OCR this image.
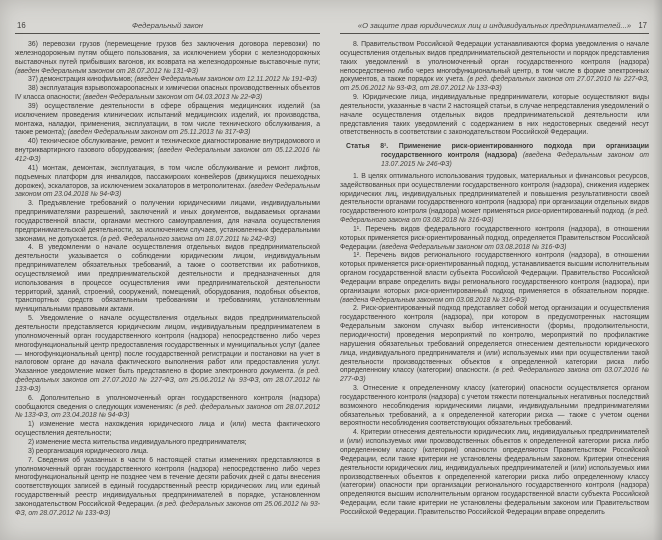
16	Федеральный закон
36) перевозки грузов (перемещение грузов без заключения договора перевозки) по железнодорожным путям общего пользования, за исключением уборки с железнодорожных выставочных путей прибывших вагонов, их возврата на железнодорожные выставочные пути; (введен Федеральным законом от 28.07.2012 № 131-ФЗ)
37) демонстрация кинофильмов; (введен Федеральным законом от 12.11.2012 № 191-ФЗ)
38) эксплуатация взрывопожароопасных и химически опасных производственных объектов IV класса опасности; (введен Федеральным законом от 04.03.2013 № 22-ФЗ)
39) осуществление деятельности в сфере обращения медицинских изделий (за исключением проведения клинических испытаний медицинских изделий, их производства, монтажа, наладки, применения, эксплуатации, в том числе технического обслуживания, а также ремонта); (введен Федеральным законом от 25.11.2013 № 317-ФЗ)
40) техническое обслуживание, ремонт и техническое диагностирование внутридомового и внутриквартирного газового оборудования; (введен Федеральным законом от 05.12.2016 № 412-ФЗ)
41) монтаж, демонтаж, эксплуатация, в том числе обслуживание и ремонт лифтов, подъемных платформ для инвалидов, пассажирских конвейеров (движущихся пешеходных дорожек), эскалаторов, за исключением эскалаторов в метрополитенах. (введен Федеральным законом от 23.04.2018 № 94-ФЗ)
3. Предъявление требований о получении юридическими лицами, индивидуальными предпринимателями разрешений, заключений и иных документов, выдаваемых органами государственной власти, органами местного самоуправления, для начала осуществления предпринимательской деятельности, за исключением случаев, установленных федеральными законами, не допускается. (в ред. Федерального закона от 18.07.2011 № 242-ФЗ)
4. В уведомлении о начале осуществления отдельных видов предпринимательской деятельности указывается о соблюдении юридическим лицом, индивидуальным предпринимателем обязательных требований, а также о соответствии их работников, осуществляемой ими предпринимательской деятельности и предназначенных для использования в процессе осуществления ими предпринимательской деятельности территорий, зданий, строений, сооружений, помещений, оборудования, подобных объектов, транспортных средств обязательным требованиям и требованиям, установленным муниципальными правовыми актами.
5. Уведомление о начале осуществления отдельных видов предпринимательской деятельности представляется юридическим лицом, индивидуальным предпринимателем в уполномоченный орган государственного контроля (надзора) непосредственно либо через многофункциональный центр предоставления государственных и муниципальных услуг (далее — многофункциональный центр) после государственной регистрации и постановки на учет в налоговом органе до начала фактического выполнения работ или предоставления услуг. Указанное уведомление может быть представлено в форме электронного документа. (в ред. федеральных законов от 27.07.2010 № 227-ФЗ, от 25.06.2012 № 93-ФЗ, от 28.07.2012 № 133-ФЗ)
6. Дополнительно в уполномоченный орган государственного контроля (надзора) сообщаются сведения о следующих изменениях: (в ред. федеральных законов от 28.07.2012 № 133-ФЗ, от 23.04.2018 № 94-ФЗ)
1) изменение места нахождения юридического лица и (или) места фактического осуществления деятельности;
2) изменение места жительства индивидуального предпринимателя;
3) реорганизация юридического лица.
7. Сведения об указанных в части 6 настоящей статьи изменениях представляются в уполномоченный орган государственного контроля (надзора) непосредственно либо через многофункциональный центр не позднее чем в течение десяти рабочих дней с даты внесения соответствующих записей в единый государственный реестр юридических лиц или единый государственный реестр индивидуальных предпринимателей в порядке, установленном законодательством Российской Федерации. (в ред. федеральных законов от 25.06.2012 № 93-ФЗ, от 28.07.2012 № 133-ФЗ)
«О защите прав юридических лиц и индивидуальных предпринимателей...» 17
8. Правительством Российской Федерации устанавливаются форма уведомления о начале осуществления отдельных видов предпринимательской деятельности и порядок представления таких уведомлений в уполномоченный орган государственного контроля (надзора) непосредственно либо через многофункциональный центр, в том числе в форме электронных документов, а также порядок их учета. (в ред. федеральных законов от 27.07.2010 № 227-ФЗ, от 25.06.2012 № 93-ФЗ, от 28.07.2012 № 133-ФЗ)
9. Юридические лица, индивидуальные предприниматели, которые осуществляют виды деятельности, указанные в части 2 настоящей статьи, в случае непредставления уведомлений о начале осуществления отдельных видов предпринимательской деятельности или представления таких уведомлений с содержанием в них недостоверных сведений несут ответственность в соответствии с законодательством Российской Федерации.
Статья 8¹. Применение риск-ориентированного подхода при организации государственного контроля (надзора) (введена Федеральным законом от 13.07.2015 № 246-ФЗ)
1. В целях оптимального использования трудовых, материальных и финансовых ресурсов, задействованных при осуществлении государственного контроля (надзора), снижения издержек юридических лиц, индивидуальных предпринимателей и повышения результативности своей деятельности органами государственного контроля (надзора) при организации отдельных видов государственного контроля (надзора) может применяться риск-ориентированный подход. (в ред. Федерального закона от 03.08.2018 № 316-ФЗ)
1¹. Перечень видов федерального государственного контроля (надзора), в отношении которых применяется риск-ориентированный подход, определяется Правительством Российской Федерации. (введена Федеральным законом от 03.08.2018 № 316-ФЗ)
1². Перечень видов регионального государственного контроля (надзора), в отношении которых применяется риск-ориентированный подход, устанавливается высшим исполнительным органом государственной власти субъекта Российской Федерации. Правительство Российской Федерации вправе определить виды регионального государственного контроля (надзора), при организации которых риск-ориентированный подход применяется в обязательном порядке. (введена Федеральным законом от 03.08.2018 № 316-ФЗ)
2. Риск-ориентированный подход представляет собой метод организации и осуществления государственного контроля (надзора), при котором в предусмотренных настоящим Федеральным законом случаях выбор интенсивности (формы, продолжительности, периодичности) проведения мероприятий по контролю, мероприятий по профилактике нарушения обязательных требований определяется отнесением деятельности юридического лица, индивидуального предпринимателя и (или) используемых ими при осуществлении такой деятельности производственных объектов к определенной категории риска либо определенному классу (категории) опасности. (в ред. Федерального закона от 03.07.2016 № 277-ФЗ)
3. Отнесение к определенному классу (категории) опасности осуществляется органом государственного контроля (надзора) с учетом тяжести потенциальных негативных последствий возможного несоблюдения юридическими лицами, индивидуальными предпринимателями обязательных требований, а к определенной категории риска — также с учетом оценки вероятности несоблюдения соответствующих обязательных требований.
4. Критерии отнесения деятельности юридических лиц, индивидуальных предпринимателей и (или) используемых ими производственных объектов к определенной категории риска либо определенному классу (категории) опасности определяются Правительством Российской Федерации, если такие критерии не установлены федеральным законом. Критерии отнесения деятельности юридических лиц, индивидуальных предпринимателей и (или) используемых ими производственных объектов к определенной категории риска либо определенному классу (категории) опасности при организации регионального государственного контроля (надзора) определяются высшим исполнительным органом государственной власти субъекта Российской Федерации, если такие критерии не установлены федеральным законом или Правительством Российской Федерации. Правительство Российской Федерации вправе определить
